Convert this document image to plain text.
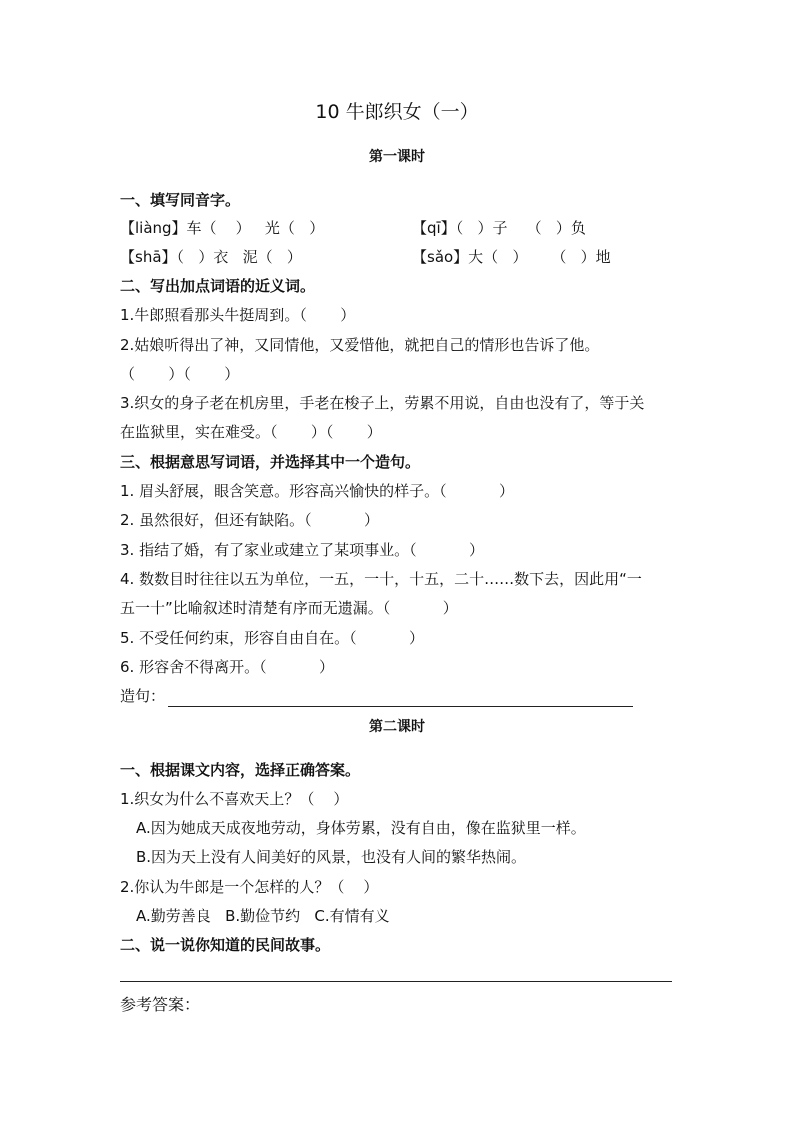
10 牛郎织女（一）
第一课时
一、填写同音字。
【liàng】车（    ）   光（   ）	【qī】（   ）子    （   ）负
【shā】（   ）衣   泥（   ）	【sǎo】大（   ）     （   ）地
二、写出加点词语的近义词。
1.牛郎照看那头牛挺周到。（       ）
2.姑娘听得出了神，又同情他，又爱惜他，就把自己的情形也告诉了他。
（       ）（       ）
3.织女的身子老在机房里，手老在梭子上，劳累不用说，自由也没有了，等于关
在监狱里，实在难受。（       ）（       ）
三、根据意思写词语，并选择其中一个造句。
1. 眉头舒展，眼含笑意。形容高兴愉快的样子。（           ）
2. 虽然很好，但还有缺陷。（           ）
3. 指结了婚，有了家业或建立了某项事业。（           ）
4. 数数目时往往以五为单位，一五，一十，十五，二十……数下去，因此用“一
五一十”比喻叙述时清楚有序而无遗漏。（           ）
5. 不受任何约束，形容自由自在。（           ）
6. 形容舍不得离开。（           ）
造句：
第二课时
一、根据课文内容，选择正确答案。
1.织女为什么不喜欢天上？（    ）
A.因为她成天成夜地劳动，身体劳累，没有自由，像在监狱里一样。
B.因为天上没有人间美好的风景，也没有人间的繁华热闹。
2.你认为牛郎是一个怎样的人？（    ）
A.勤劳善良   B.勤俭节约   C.有情有义
二、说一说你知道的民间故事。
参考答案：
